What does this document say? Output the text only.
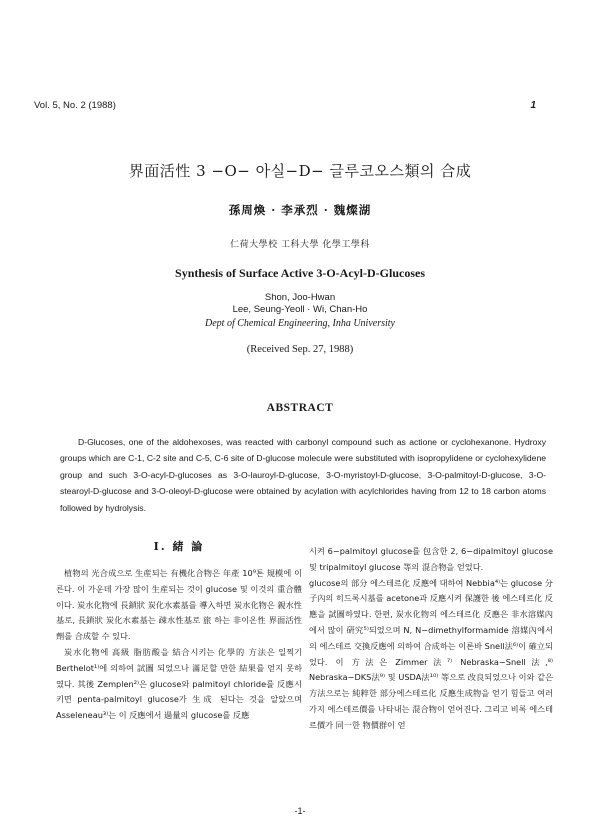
Vol. 5, No. 2 (1988)	1
界面活性 3 −O− 아실−D− 글루코오스類의 合成
孫周煥 · 李承烈 · 魏燦湖
仁荷大學校 工科大學 化學工學科
Synthesis of Surface Active 3-O-Acyl-D-Glucoses
Shon, Joo-Hwan
Lee, Seung-Yeoll · Wi, Chan-Ho
Dept of Chemical Engineering, Inha University
(Received Sep. 27, 1988)
ABSTRACT
D-Glucoses, one of the aldohexoses, was reacted with carbonyl compound such as actione or cyclohexanone. Hydroxy groups which are C-1, C-2 site and C-5, C-6 site of D-glucose molecule were substituted with isopropylidene or cyclohexylidene group and such 3-O-acyl-D-glucoses as 3-O-lauroyl-D-glucose, 3-O-myristoyl-D-glucose, 3-O-palmitoyl-D-glucose, 3-O-stearoyl-D-glucose and 3-O-oleoyl-D-glucose were obtained by acylation with acylchlorides having from 12 to 18 carbon atoms followed by hydrolysis.
Ⅰ. 緒 論

植物의 光合成으로 生産되는 有機化合物은 年產 10⁹톤 規模에 이른다. 이 가운데 가장 많이 生産되는 것이 glucose 및 이것의 重合體이다. 炭水化物에 長鎖狀 炭化水素基를 導入하면 炭水化物은 親水性基로, 長鎖狀 炭化水素基는 疎水性基로 旅 하는 非이온性 界面活性劑를 合成할 수 있다.

炭水化物에 高級 脂肪酸을 結合시키는 化學的 方法은 일찍기 Berthelot¹⁾에 의하여 試圖 되었으나 滿足할 만한 結果를 얻지 못하였다. 其後 Zemplen²⁾은 glucose와 palmitoyl chloride를 反應시키면 penta-palmitoyl glucose가 生成 된다는 것을 알았으며 Asseleneau³⁾는 이 反應에서 過量의 glucose를 反應

시켜 6−palmitoyl glucose를 包含한 2, 6−dipalmitoyl glucose 및 tripalmitoyl glucose 等의 混合物을 얻었다.

glucose의 部分 에스테르化 反應에 대하여 Nebbia⁴⁾는 glucose 分子內의 히드록시基를 acetone과 反應시켜 保護한 後 에스테르化 反應을 試圖하였다. 한편, 炭水化物의 에스테르化 反應은 非水溶媒內에서 많이 硏究⁵⁾되었으며 N, N−dimethylformamide 溶媒內에서의 에스테르 交換反應에 의하여 合成하는 이론바 Snell法⁶⁾이 確立되었다. 이 方法은 Zimmer法⁷⁾ Nebraska−Snell法,⁸⁾ Nebraska−DKS法⁹⁾ 및 USDA法¹⁰⁾ 等으로 改良되었으나 이와 같은 方法으로는 純粹한 部分에스테르化 反應生成物을 얻기 힘들고 여러 가지 에스테르價를 나타내는 混合物이 얻어진다. 그리고 비록 에스테르價가 同一한 物價群이 얻

-1-
